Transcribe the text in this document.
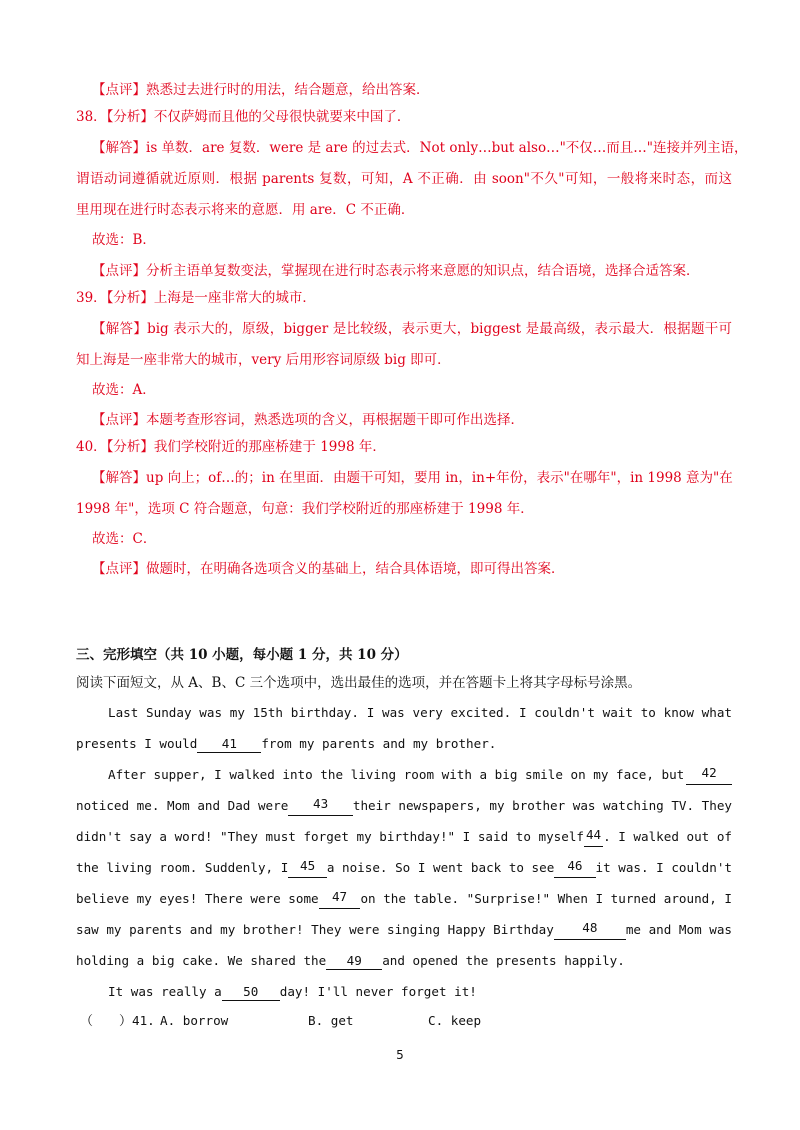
【点评】熟悉过去进行时的用法，结合题意，给出答案．
38．【分析】不仅萨姆而且他的父母很快就要来中国了．
【解答】is 单数．are 复数．were 是 are 的过去式．Not only…but also…"不仅…而且…"连接并列主语，
谓语动词遵循就近原则．根据 parents 复数，可知，A 不正确．由 soon"不久"可知，一般将来时态，而这
里用现在进行时态表示将来的意愿．用 are．C 不正确．
故选：B．
【点评】分析主语单复数变法，掌握现在进行时态表示将来意愿的知识点，结合语境，选择合适答案．
39．【分析】上海是一座非常大的城市．
【解答】big 表示大的，原级，bigger 是比较级，表示更大，biggest 是最高级，表示最大．根据题干可
知上海是一座非常大的城市，very 后用形容词原级 big 即可．
故选：A．
【点评】本题考查形容词，熟悉选项的含义，再根据题干即可作出选择．
40．【分析】我们学校附近的那座桥建于 1998 年．
【解答】up 向上；of…的；in 在里面．由题干可知，要用 in，in+年份，表示"在哪年"，in 1998 意为"在
1998 年"，选项 C 符合题意，句意：我们学校附近的那座桥建于 1998 年．
故选：C．
【点评】做题时，在明确各选项含义的基础上，结合具体语境，即可得出答案．
三、完形填空（共 10 小题，每小题 1 分，共 10 分）
阅读下面短文，从 A、B、C 三个选项中，选出最佳的选项，并在答题卡上将其字母标号涂黑。
Last Sunday was my 15th birthday. I was very excited. I couldn't wait to know what
presents I would 41 from my parents and my brother.
After supper, I walked into the living room with a big smile on my face, but	42
noticed me. Mom and Dad were	43	their newspapers, my brother was watching TV. They
didn't say a word! "They must forget my birthday!" I said to myself 44 . I walked out of
the living room. Suddenly, I 45 a noise. So I went back to see	46	it was. I couldn't
believe my eyes! There were some	47	on the table. "Surprise!" When I turned around, I
saw my parents and my brother! They were singing Happy Birthday	48	me and Mom was
holding a big cake. We shared the 49 and opened the presents happily.
It was really a 50 day! I'll never forget it!
（　　）41. A. borrow	B. get	C. keep
5
